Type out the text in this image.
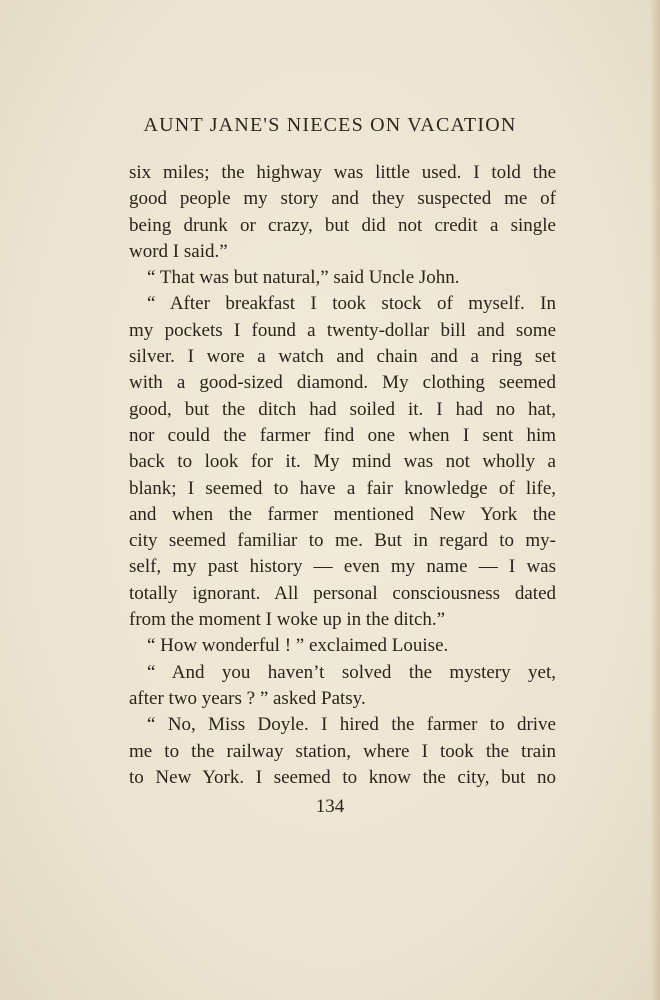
AUNT JANE'S NIECES ON VACATION
six miles; the highway was little used. I told the
good people my story and they suspected me of
being drunk or crazy, but did not credit a single
word I said.”
“ That was but natural,” said Uncle John.
“ After breakfast I took stock of myself. In
my pockets I found a twenty-dollar bill and some
silver. I wore a watch and chain and a ring set
with a good-sized diamond. My clothing seemed
good, but the ditch had soiled it. I had no hat,
nor could the farmer find one when I sent him
back to look for it. My mind was not wholly a
blank; I seemed to have a fair knowledge of life,
and when the farmer mentioned New York the
city seemed familiar to me. But in regard to my-
self, my past history — even my name — I was
totally ignorant. All personal consciousness dated
from the moment I woke up in the ditch.”
“ How wonderful ! ” exclaimed Louise.
“ And you haven’t solved the mystery yet,
after two years ? ” asked Patsy.
“ No, Miss Doyle. I hired the farmer to drive
me to the railway station, where I took the train
to New York. I seemed to know the city, but no
134
